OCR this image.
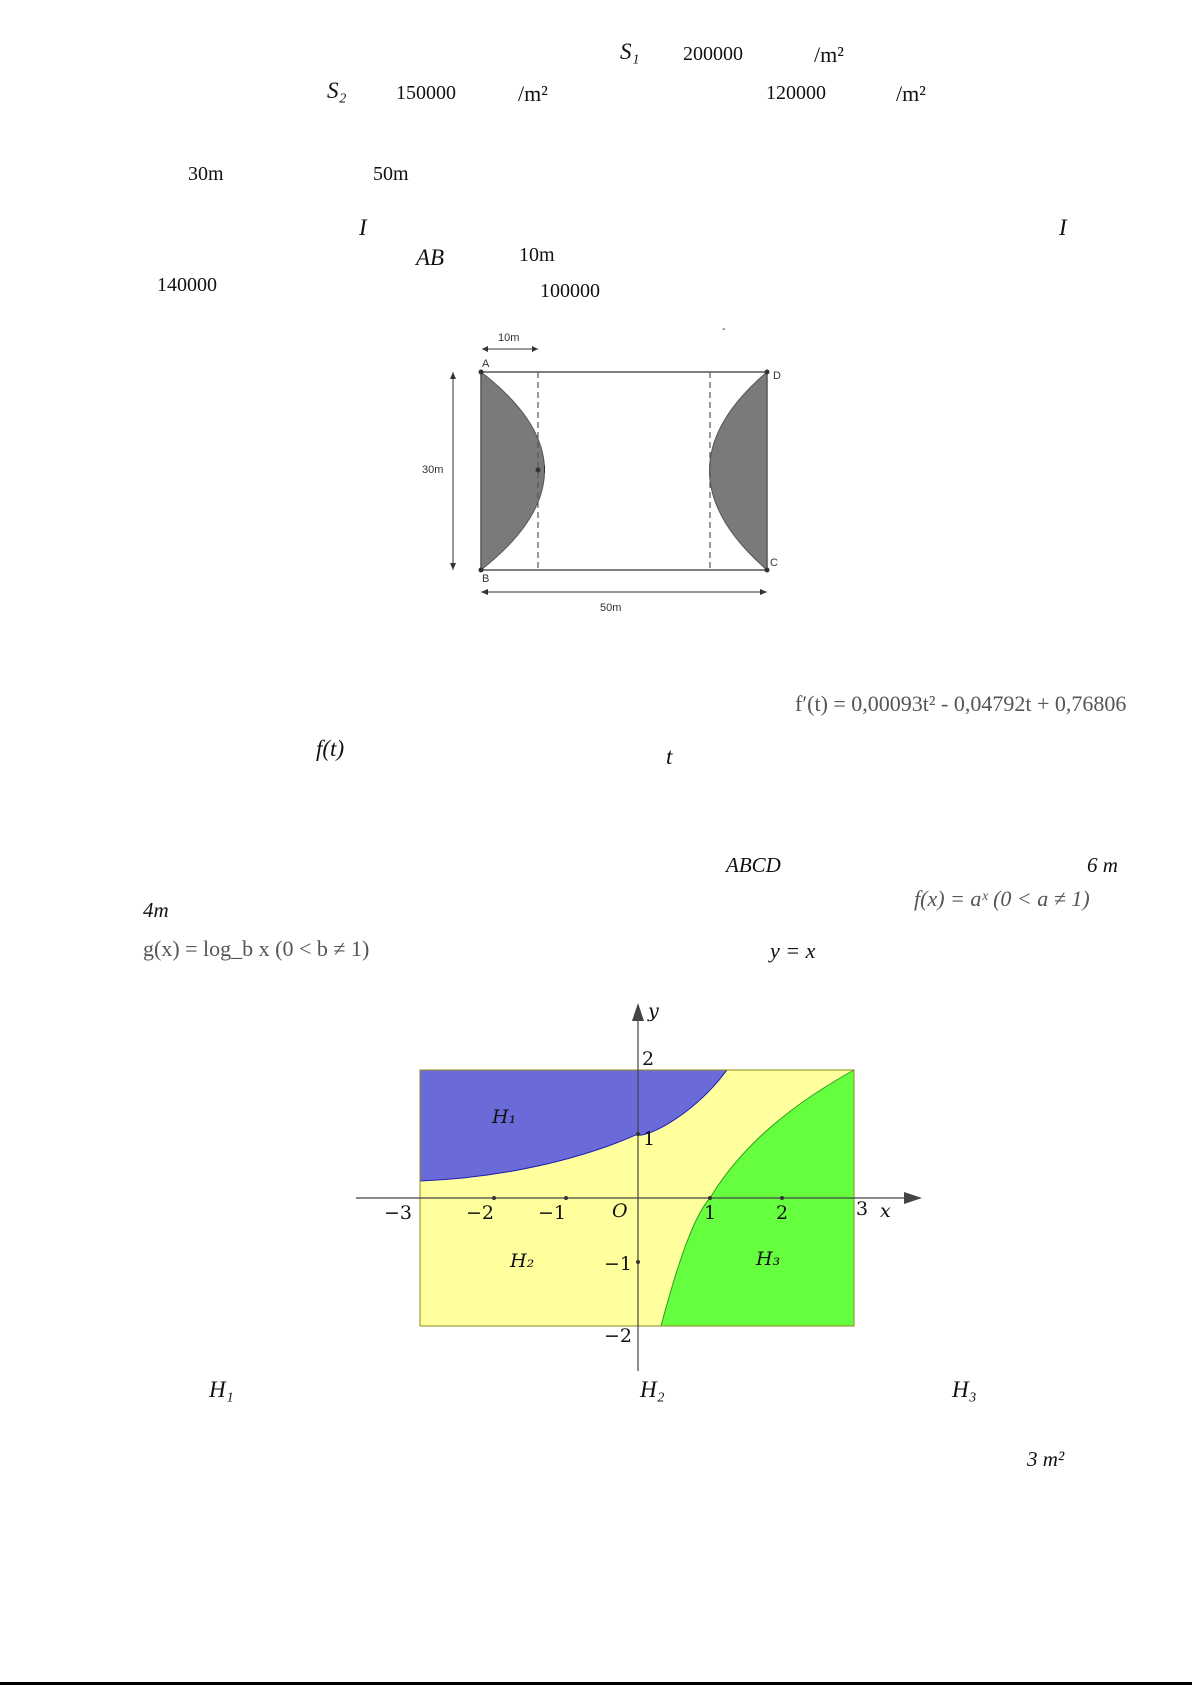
S₁ 200000	/m²
S₂ 150000	/m²	120000	/m²
30m	50m
I	I
AB	10m
140000	100000
10m
-
A
B
C
D
I
30m
50m
f′(t) = 0,00093t² - 0,04792t + 0,76806
f(t)	t
ABCD	6 m
4m	f(x) = aˣ (0 < a ≠ 1)
g(x) = log_b x (0 < b ≠ 1)	y = x
x
y
O
−3	−2 −1	1	2	3
2
1
−1
−2
H₁
H₂	H₃
H₁	H₂	H₃
3 m²
